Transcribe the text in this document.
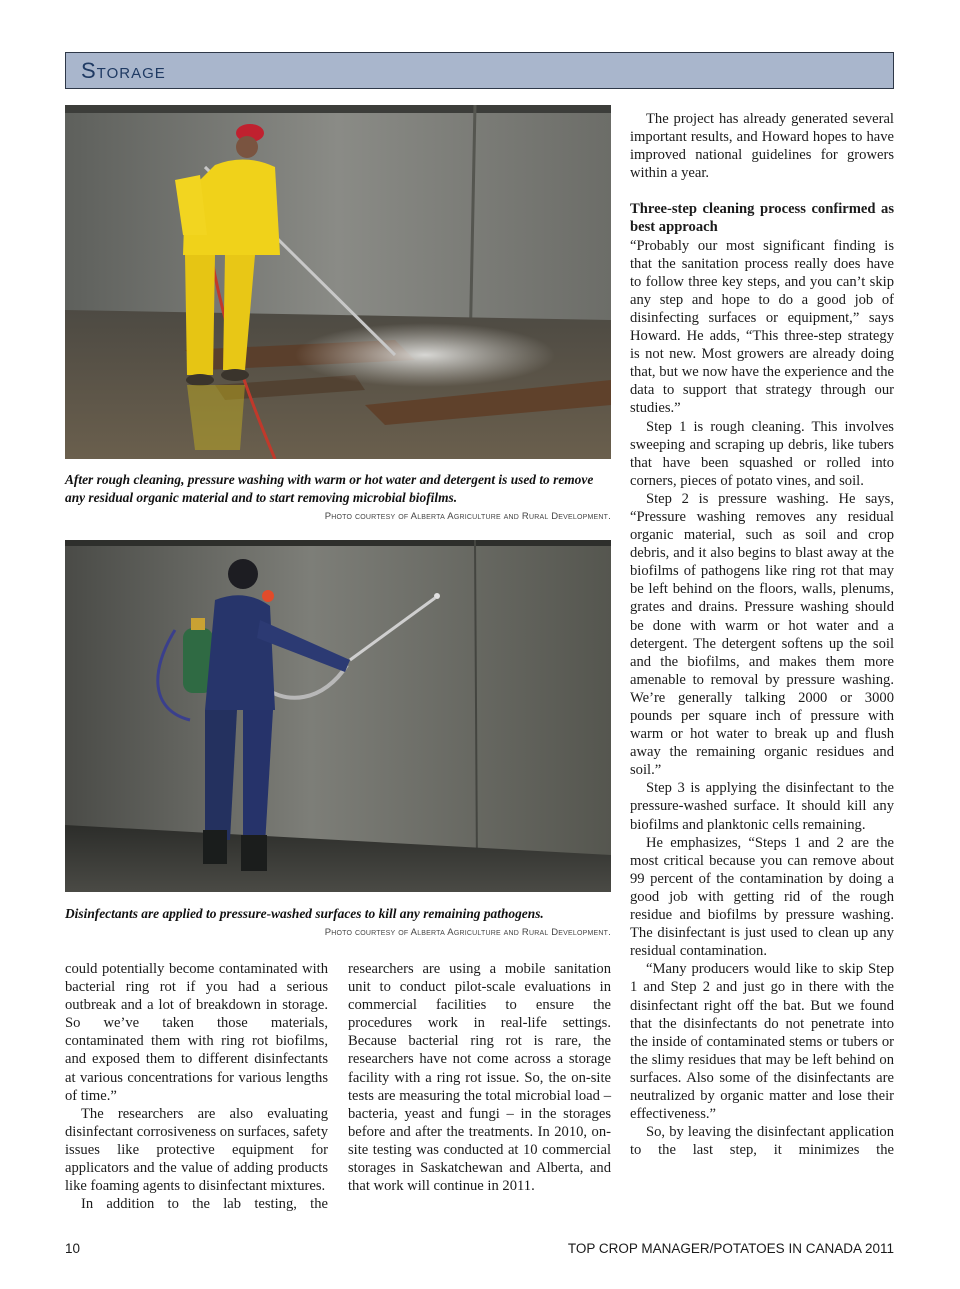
Storage
After rough cleaning, pressure washing with warm or hot water and detergent is used to remove any residual organic material and to start removing microbial biofilms.
Photo courtesy of Alberta Agriculture and Rural Development.
Disinfectants are applied to pressure-washed surfaces to kill any remaining pathogens.
Photo courtesy of Alberta Agriculture and Rural Development.

could potentially become contaminated with bacterial ring rot if you had a serious outbreak and a lot of breakdown in storage. So we’ve taken those materials, contaminated them with ring rot biofilms, and exposed them to different disinfectants at various concentrations for various lengths of time.”

The researchers are also evaluating disinfectant corrosiveness on surfaces, safety issues like protective equipment for applicators and the value of adding products like foaming agents to disinfectant mixtures.

In addition to the lab testing, the

researchers are using a mobile sanitation unit to conduct pilot-scale evaluations in commercial facilities to ensure the procedures work in real-life settings. Because bacterial ring rot is rare, the researchers have not come across a storage facility with a ring rot issue. So, the on-site tests are measuring the total microbial load – bacteria, yeast and fungi – in the storages before and after the treatments. In 2010, on-site testing was conducted at 10 commercial storages in Saskatchewan and Alberta, and that work will continue in 2011.

The project has already generated several important results, and Howard hopes to have improved national guidelines for growers within a year.

Three-step cleaning process confirmed as best approach

“Probably our most significant finding is that the sanitation process really does have to follow three key steps, and you can’t skip any step and hope to do a good job of disinfecting surfaces or equipment,” says Howard. He adds, “This three-step strategy is not new. Most growers are already doing that, but we now have the experience and the data to support that strategy through our studies.”

Step 1 is rough cleaning. This involves sweeping and scraping up debris, like tubers that have been squashed or rolled into corners, pieces of potato vines, and soil.

Step 2 is pressure washing. He says, “Pressure washing removes any residual organic material, such as soil and crop debris, and it also begins to blast away at the biofilms of pathogens like ring rot that may be left behind on the floors, walls, plenums, grates and drains. Pressure washing should be done with warm or hot water and a detergent. The detergent softens up the soil and the biofilms, and makes them more amenable to removal by pressure washing. We’re generally talking 2000 or 3000 pounds per square inch of pressure with warm or hot water to break up and flush away the remaining organic residues and soil.”

Step 3 is applying the disinfectant to the pressure-washed surface. It should kill any biofilms and planktonic cells remaining.

He emphasizes, “Steps 1 and 2 are the most critical because you can remove about 99 percent of the contamination by doing a good job with getting rid of the rough residue and biofilms by pressure washing. The disinfectant is just used to clean up any residual contamination.

“Many producers would like to skip Step 1 and Step 2 and just go in there with the disinfectant right off the bat. But we found that the disinfectants do not penetrate into the inside of contaminated stems or tubers or the slimy residues that may be left behind on surfaces. Also some of the disinfectants are neutralized by organic matter and lose their effectiveness.”

So, by leaving the disinfectant application to the last step, it minimizes the

10	TOP CROP MANAGER/POTATOES IN CANADA 2011
